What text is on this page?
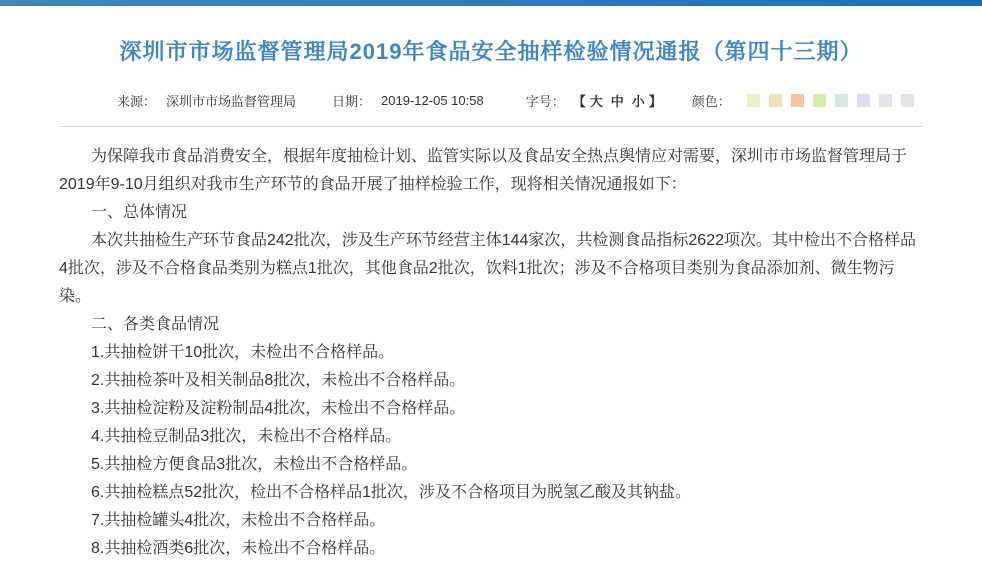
深圳市市场监督管理局2019年食品安全抽样检验情况通报（第四十三期）
来源： 深圳市市场监督管理局	日期： 2019-12-05 10:58	字号： 【 大 中 小 】 颜色：

为保障我市食品消费安全，根据年度抽检计划、监管实际以及食品安全热点舆情应对需要，深圳市市场监督管理局于2019年9-10月组织对我市生产环节的食品开展了抽样检验工作，现将相关情况通报如下：

一、总体情况

本次共抽检生产环节食品242批次，涉及生产环节经营主体144家次，共检测食品指标2622项次。其中检出不合格样品4批次，涉及不合格食品类别为糕点1批次，其他食品2批次，饮料1批次；涉及不合格项目类别为食品添加剂、微生物污染。

二、各类食品情况

1.共抽检饼干10批次，未检出不合格样品。

2.共抽检茶叶及相关制品8批次，未检出不合格样品。

3.共抽检淀粉及淀粉制品4批次，未检出不合格样品。

4.共抽检豆制品3批次，未检出不合格样品。

5.共抽检方便食品3批次，未检出不合格样品。

6.共抽检糕点52批次，检出不合格样品1批次，涉及不合格项目为脱氢乙酸及其钠盐。

7.共抽检罐头4批次，未检出不合格样品。

8.共抽检酒类6批次，未检出不合格样品。
